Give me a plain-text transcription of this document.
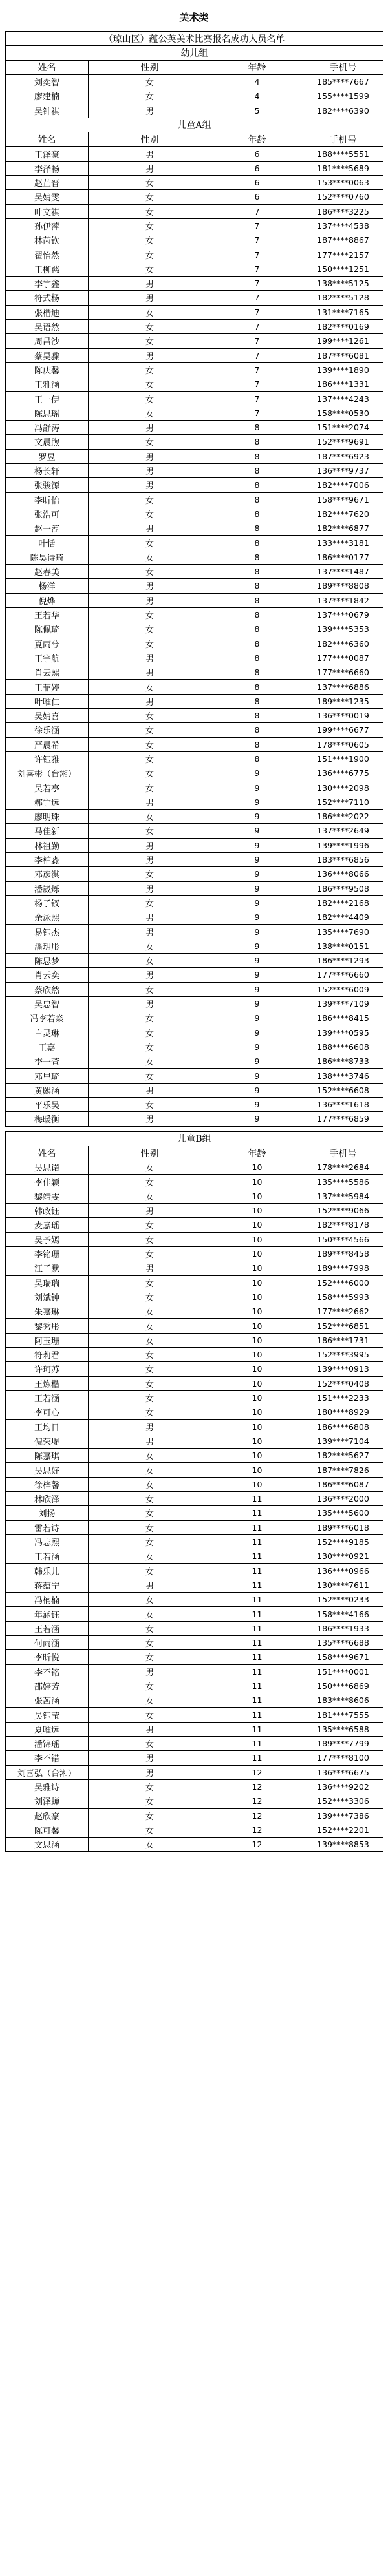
美术类
（琼山区）蕴公英美术比赛报名成功人员名单			
幼儿组			
姓名	性别	年龄	手机号
刘奕智	女	4	185****7667
廖建楠	女	4	155****1599
吴钟祺	男	5	182****6390
儿童A组			
姓名	性别	年龄	手机号
王泽豪	男	6	188****5551
李泽畅	男	6	181****5689
赵芷晋	女	6	153****0063
吴婧雯	女	6	152****0760
叶文祺	女	7	186****3225
孙伊萍	女	7	137****4538
林芮钦	女	7	187****8867
翟怡然	女	7	177****2157
王柳慈	女	7	150****1251
李宇鑫	男	7	138****5125
符式杨	男	7	182****5128
张楷迪	女	7	131****7165
吴语然	女	7	182****0169
周昌沙	女	7	199****1261
蔡昊骤	男	7	187****6081
陈庆馨	女	7	139****1890
王雅涵	女	7	186****1331
王一伊	女	7	137****4243
陈思瑶	女	7	158****0530
冯舒涛	男	8	151****2074
文晨煦	女	8	152****9691
罗昱	男	8	187****6923
杨长轩	男	8	136****9737
张骏源	男	8	182****7006
李昕怡	女	8	158****9671
张浩可	女	8	182****7620
赵一淳	男	8	182****6877
叶恬	女	8	133****3181
陈昊诗琦	女	8	186****0177
赵春美	女	8	137****1487
杨洋	男	8	189****8808
倪烨	男	8	137****1842
王若华	女	8	137****0679
陈佩琦	女	8	139****5353
夏雨兮	女	8	182****6360
王宇航	男	8	177****0087
肖云熙	男	8	177****6660
王菲婷	女	8	137****6886
叶唯仁	男	8	189****1235
吴婧喜	女	8	136****0019
徐乐涵	女	8	199****6677
严晨希	女	8	178****0605
许钰雅	女	8	151****1900
刘喜彬（台湘）	女	9	136****6775
吴若亭	女	9	130****2098
郝宁远	男	9	152****7110
廖明珠	女	9	186****2022
马佳新	女	9	137****2649
林祖勤	男	9	139****1996
李柏淼	男	9	183****6856
邓彦淇	女	9	136****8066
潘崴烁	男	9	186****9508
杨子钗	女	9	182****2168
余泳熙	男	9	182****4409
易钰杰	男	9	135****7690
潘玥彤	女	9	138****0151
陈思梦	女	9	186****1293
肖云奕	男	9	177****6660
蔡欣然	女	9	152****6009
吴忠智	男	9	139****7109
冯李若焱	女	9	186****8415
白灵琳	女	9	139****0595
王嘉	女	9	188****6608
李一萱	女	9	186****8733
邓里琦	女	9	138****3746
黄熙涵	男	9	152****6608
平乐吴	女	9	136****1618
梅暖衡	男	9	177****6859

儿童B组			
姓名	性别	年龄	手机号
吴思诺	女	10	178****2684
李佳颖	女	10	135****5586
黎靖雯	女	10	137****5984
韩政钰	男	10	152****9066
麦嘉瑶	女	10	182****8178
吴予嫣	女	10	150****4566
李铭珊	女	10	189****8458
江子默	男	10	189****7998
吴瑞瑞	女	10	152****6000
刘斌钟	女	10	158****5993
朱嘉琳	女	10	177****2662
黎秀彤	女	10	152****6851
阿玉珊	女	10	186****1731
符莉君	女	10	152****3995
许珂苏	女	10	139****0913
王炼楷	女	10	152****0408
王若涵	女	10	151****2233
李可心	女	10	180****8929
王均日	男	10	186****6808
倪荣堤	男	10	139****7104
陈嘉琪	女	10	182****5627
吴思好	女	10	187****7826
徐梓馨	女	10	186****6087
林欣泽	女	11	136****2000
刘扬	女	11	135****5600
雷若诗	女	11	189****6018
冯志熙	女	11	152****9185
王若涵	女	11	130****0921
韩乐儿	女	11	136****0966
蒋蕴宁	男	11	130****7611
冯楠楠	女	11	152****0233
年涵钰	女	11	158****4166
王若涵	女	11	186****1933
何雨涵	女	11	135****6688
李昕悦	女	11	158****9671
李不铭	男	11	151****0001
邵婷芳	女	11	150****6869
张茜涵	女	11	183****8606
吴钰莹	女	11	181****7555
夏唯远	男	11	135****6588
潘锦瑶	女	11	189****7799
李不错	男	11	177****8100
刘喜弘（台湘）	男	12	136****6675
吴雅诗	女	12	136****9202
刘泽蝉	女	12	152****3306
赵欣豪	女	12	139****7386
陈可馨	女	12	152****2201
文思涵	女	12	139****8853
